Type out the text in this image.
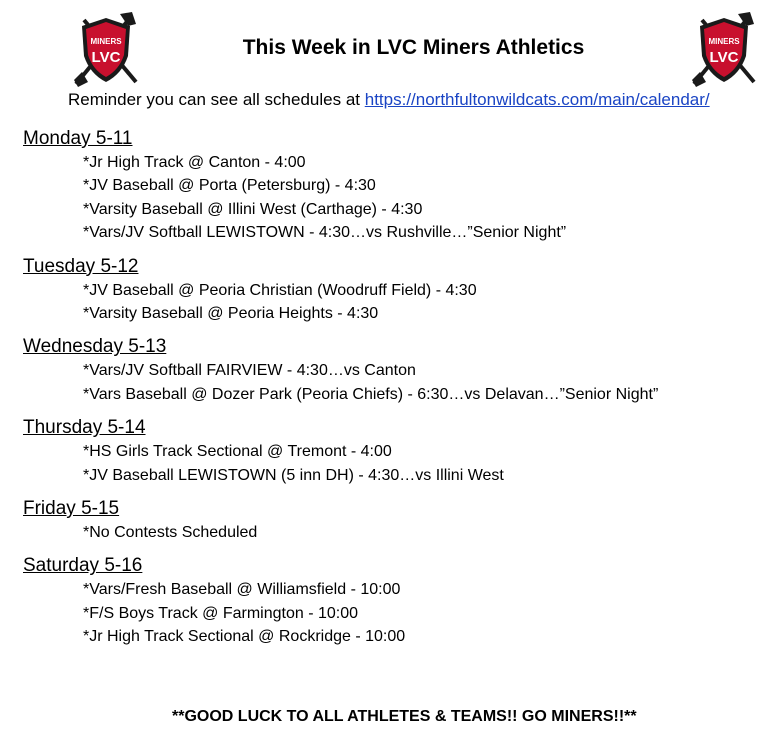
MINERS
LVC
MINERS
LVC
This Week in LVC Miners Athletics
Reminder you can see all schedules at https://northfultonwildcats.com/main/calendar/
Monday 5-11
*Jr High Track @ Canton - 4:00
*JV Baseball @ Porta (Petersburg) - 4:30
*Varsity Baseball @ Illini West (Carthage) - 4:30
*Vars/JV Softball LEWISTOWN - 4:30…vs Rushville…”Senior Night”
Tuesday 5-12
*JV Baseball @ Peoria Christian (Woodruff Field) - 4:30
*Varsity Baseball @ Peoria Heights - 4:30
Wednesday 5-13
*Vars/JV Softball FAIRVIEW - 4:30…vs Canton
*Vars Baseball @ Dozer Park (Peoria Chiefs) - 6:30…vs Delavan…”Senior Night”
Thursday 5-14
*HS Girls Track Sectional @ Tremont - 4:00
*JV Baseball LEWISTOWN (5 inn DH) - 4:30…vs Illini West
Friday 5-15
*No Contests Scheduled
Saturday 5-16
*Vars/Fresh Baseball @ Williamsfield - 10:00
*F/S Boys Track @ Farmington - 10:00
*Jr High Track Sectional @ Rockridge - 10:00
**GOOD LUCK TO ALL ATHLETES & TEAMS!! GO MINERS!!**
